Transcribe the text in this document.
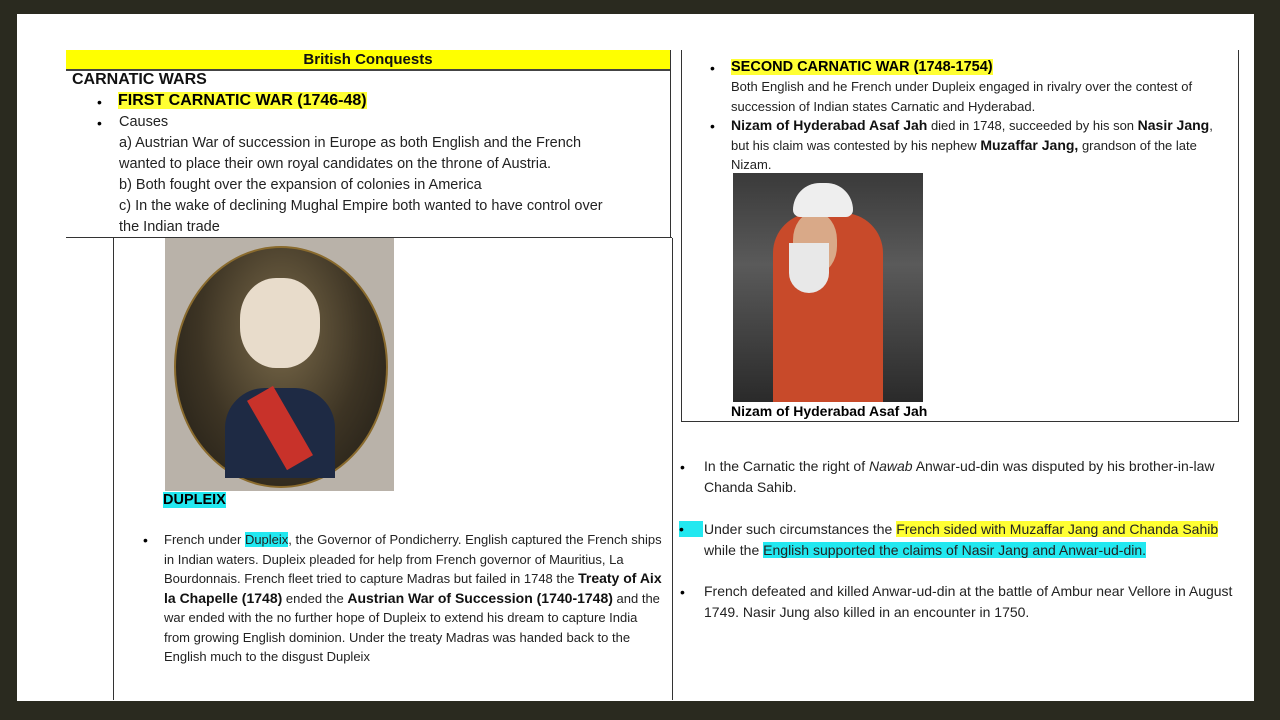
British Conquests
CARNATIC WARS
• FIRST CARNATIC WAR (1746-48)
• Causes
a) Austrian War of succession in Europe as both English and the French
wanted to place their own royal candidates on the throne of Austria.
b) Both fought over the expansion of colonies in America
c) In the wake of declining Mughal Empire both wanted to have control over
the Indian trade
DUPLEIX
• French under Dupleix, the Governor of Pondicherry. English captured the French ships in Indian waters. Dupleix pleaded for help from French governor of Mauritius, La Bourdonnais. French fleet tried to capture Madras but failed in 1748 the Treaty of Aix la Chapelle (1748) ended the Austrian War of Succession (1740-1748) and the war ended with the no further hope of Dupleix to extend his dream to capture India from growing English dominion. Under the treaty Madras was handed back to the English much to the disgust Dupleix
• SECOND CARNATIC WAR (1748-1754)
Both English and he French under Dupleix engaged in rivalry over the contest of succession of Indian states Carnatic and Hyderabad.
• Nizam of Hyderabad Asaf Jah died in 1748, succeeded by his son Nasir Jang, but his claim was contested by his nephew Muzaffar Jang, grandson of the late Nizam.
Nizam of Hyderabad Asaf Jah
• In the Carnatic the right of Nawab Anwar-ud-din was disputed by his brother-in-law Chanda Sahib.
•	Under such circumstances the French sided with Muzaffar Jang and Chanda Sahib while the English supported the claims of Nasir Jang and Anwar-ud-din.
• French defeated and killed Anwar-ud-din at the battle of Ambur near Vellore in August 1749. Nasir Jung also killed in an encounter in 1750.
